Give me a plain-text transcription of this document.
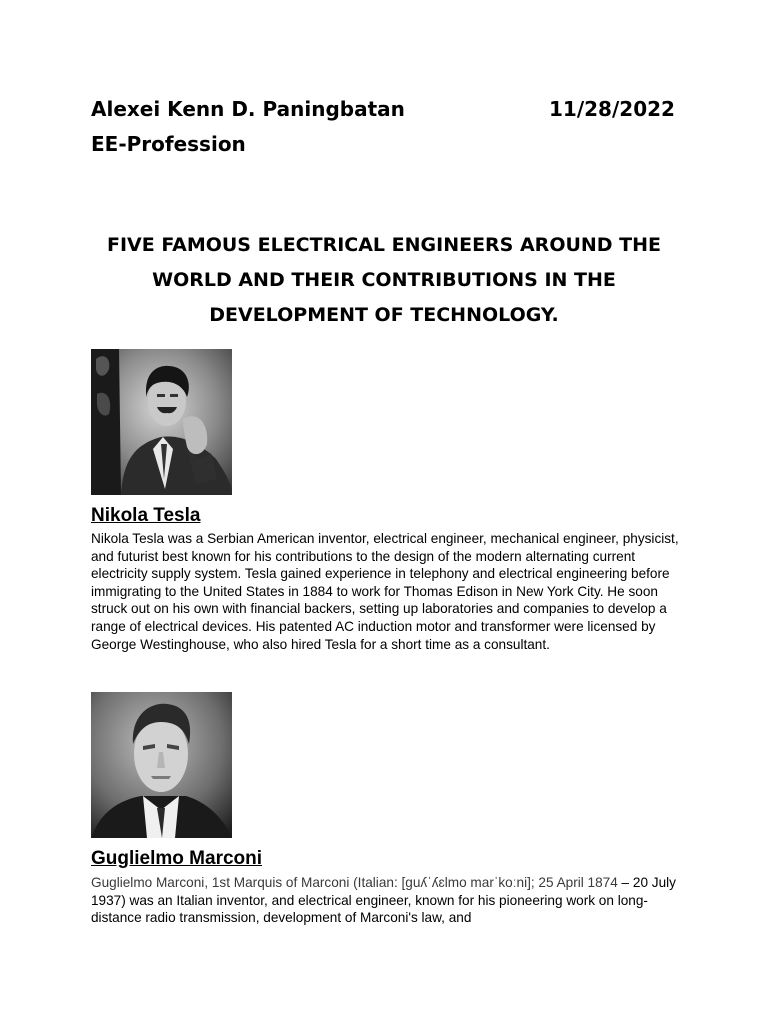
Alexei Kenn D. Paningbatan	11/28/2022
EE-Profession
FIVE FAMOUS ELECTRICAL ENGINEERS AROUND THE WORLD AND THEIR CONTRIBUTIONS IN THE DEVELOPMENT OF TECHNOLOGY.
Nikola Tesla

Nikola Tesla was a Serbian American inventor, electrical engineer, mechanical engineer, physicist, and futurist best known for his contributions to the design of the modern alternating current electricity supply system. Tesla gained experience in telephony and electrical engineering before immigrating to the United States in 1884 to work for Thomas Edison in New York City. He soon struck out on his own with financial backers, setting up laboratories and companies to develop a range of electrical devices. His patented AC induction motor and transformer were licensed by George Westinghouse, who also hired Tesla for a short time as a consultant.

Guglielmo Marconi

Guglielmo Marconi, 1st Marquis of Marconi (Italian: [guʎˈʎɛlmo marˈkoːni]; 25 April 1874 – 20 July 1937) was an Italian inventor, and electrical engineer, known for his pioneering work on long-distance radio transmission, development of Marconi's law, and
